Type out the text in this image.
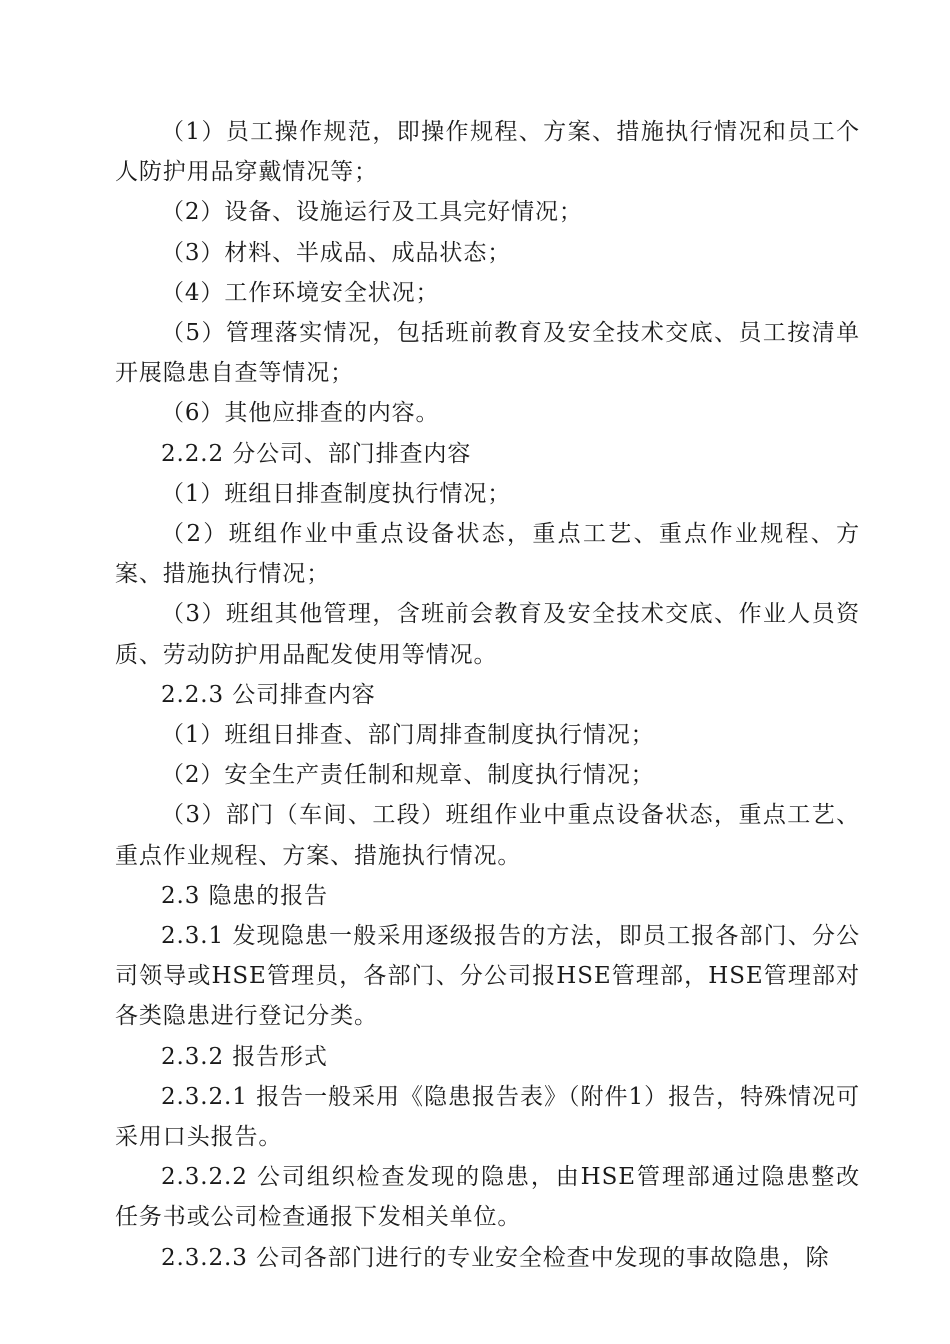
（1）员工操作规范，即操作规程、方案、措施执行情况和员工个人防护用品穿戴情况等；

（2）设备、设施运行及工具完好情况；

（3）材料、半成品、成品状态；

（4）工作环境安全状况；

（5）管理落实情况，包括班前教育及安全技术交底、员工按清单开展隐患自查等情况；

（6）其他应排查的内容。

2.2.2 分公司、部门排查内容

（1）班组日排查制度执行情况；

（2）班组作业中重点设备状态，重点工艺、重点作业规程、方案、措施执行情况；

（3）班组其他管理，含班前会教育及安全技术交底、作业人员资质、劳动防护用品配发使用等情况。

2.2.3 公司排查内容

（1）班组日排查、部门周排查制度执行情况；

（2）安全生产责任制和规章、制度执行情况；

（3）部门（车间、工段）班组作业中重点设备状态，重点工艺、重点作业规程、方案、措施执行情况。

2.3 隐患的报告

2.3.1 发现隐患一般采用逐级报告的方法，即员工报各部门、分公司领导或HSE管理员，各部门、分公司报HSE管理部，HSE管理部对各类隐患进行登记分类。

2.3.2 报告形式

2.3.2.1 报告一般采用《隐患报告表》（附件1）报告，特殊情况可采用口头报告。

2.3.2.2 公司组织检查发现的隐患，由HSE管理部通过隐患整改任务书或公司检查通报下发相关单位。

2.3.2.3 公司各部门进行的专业安全检查中发现的事故隐患，除
